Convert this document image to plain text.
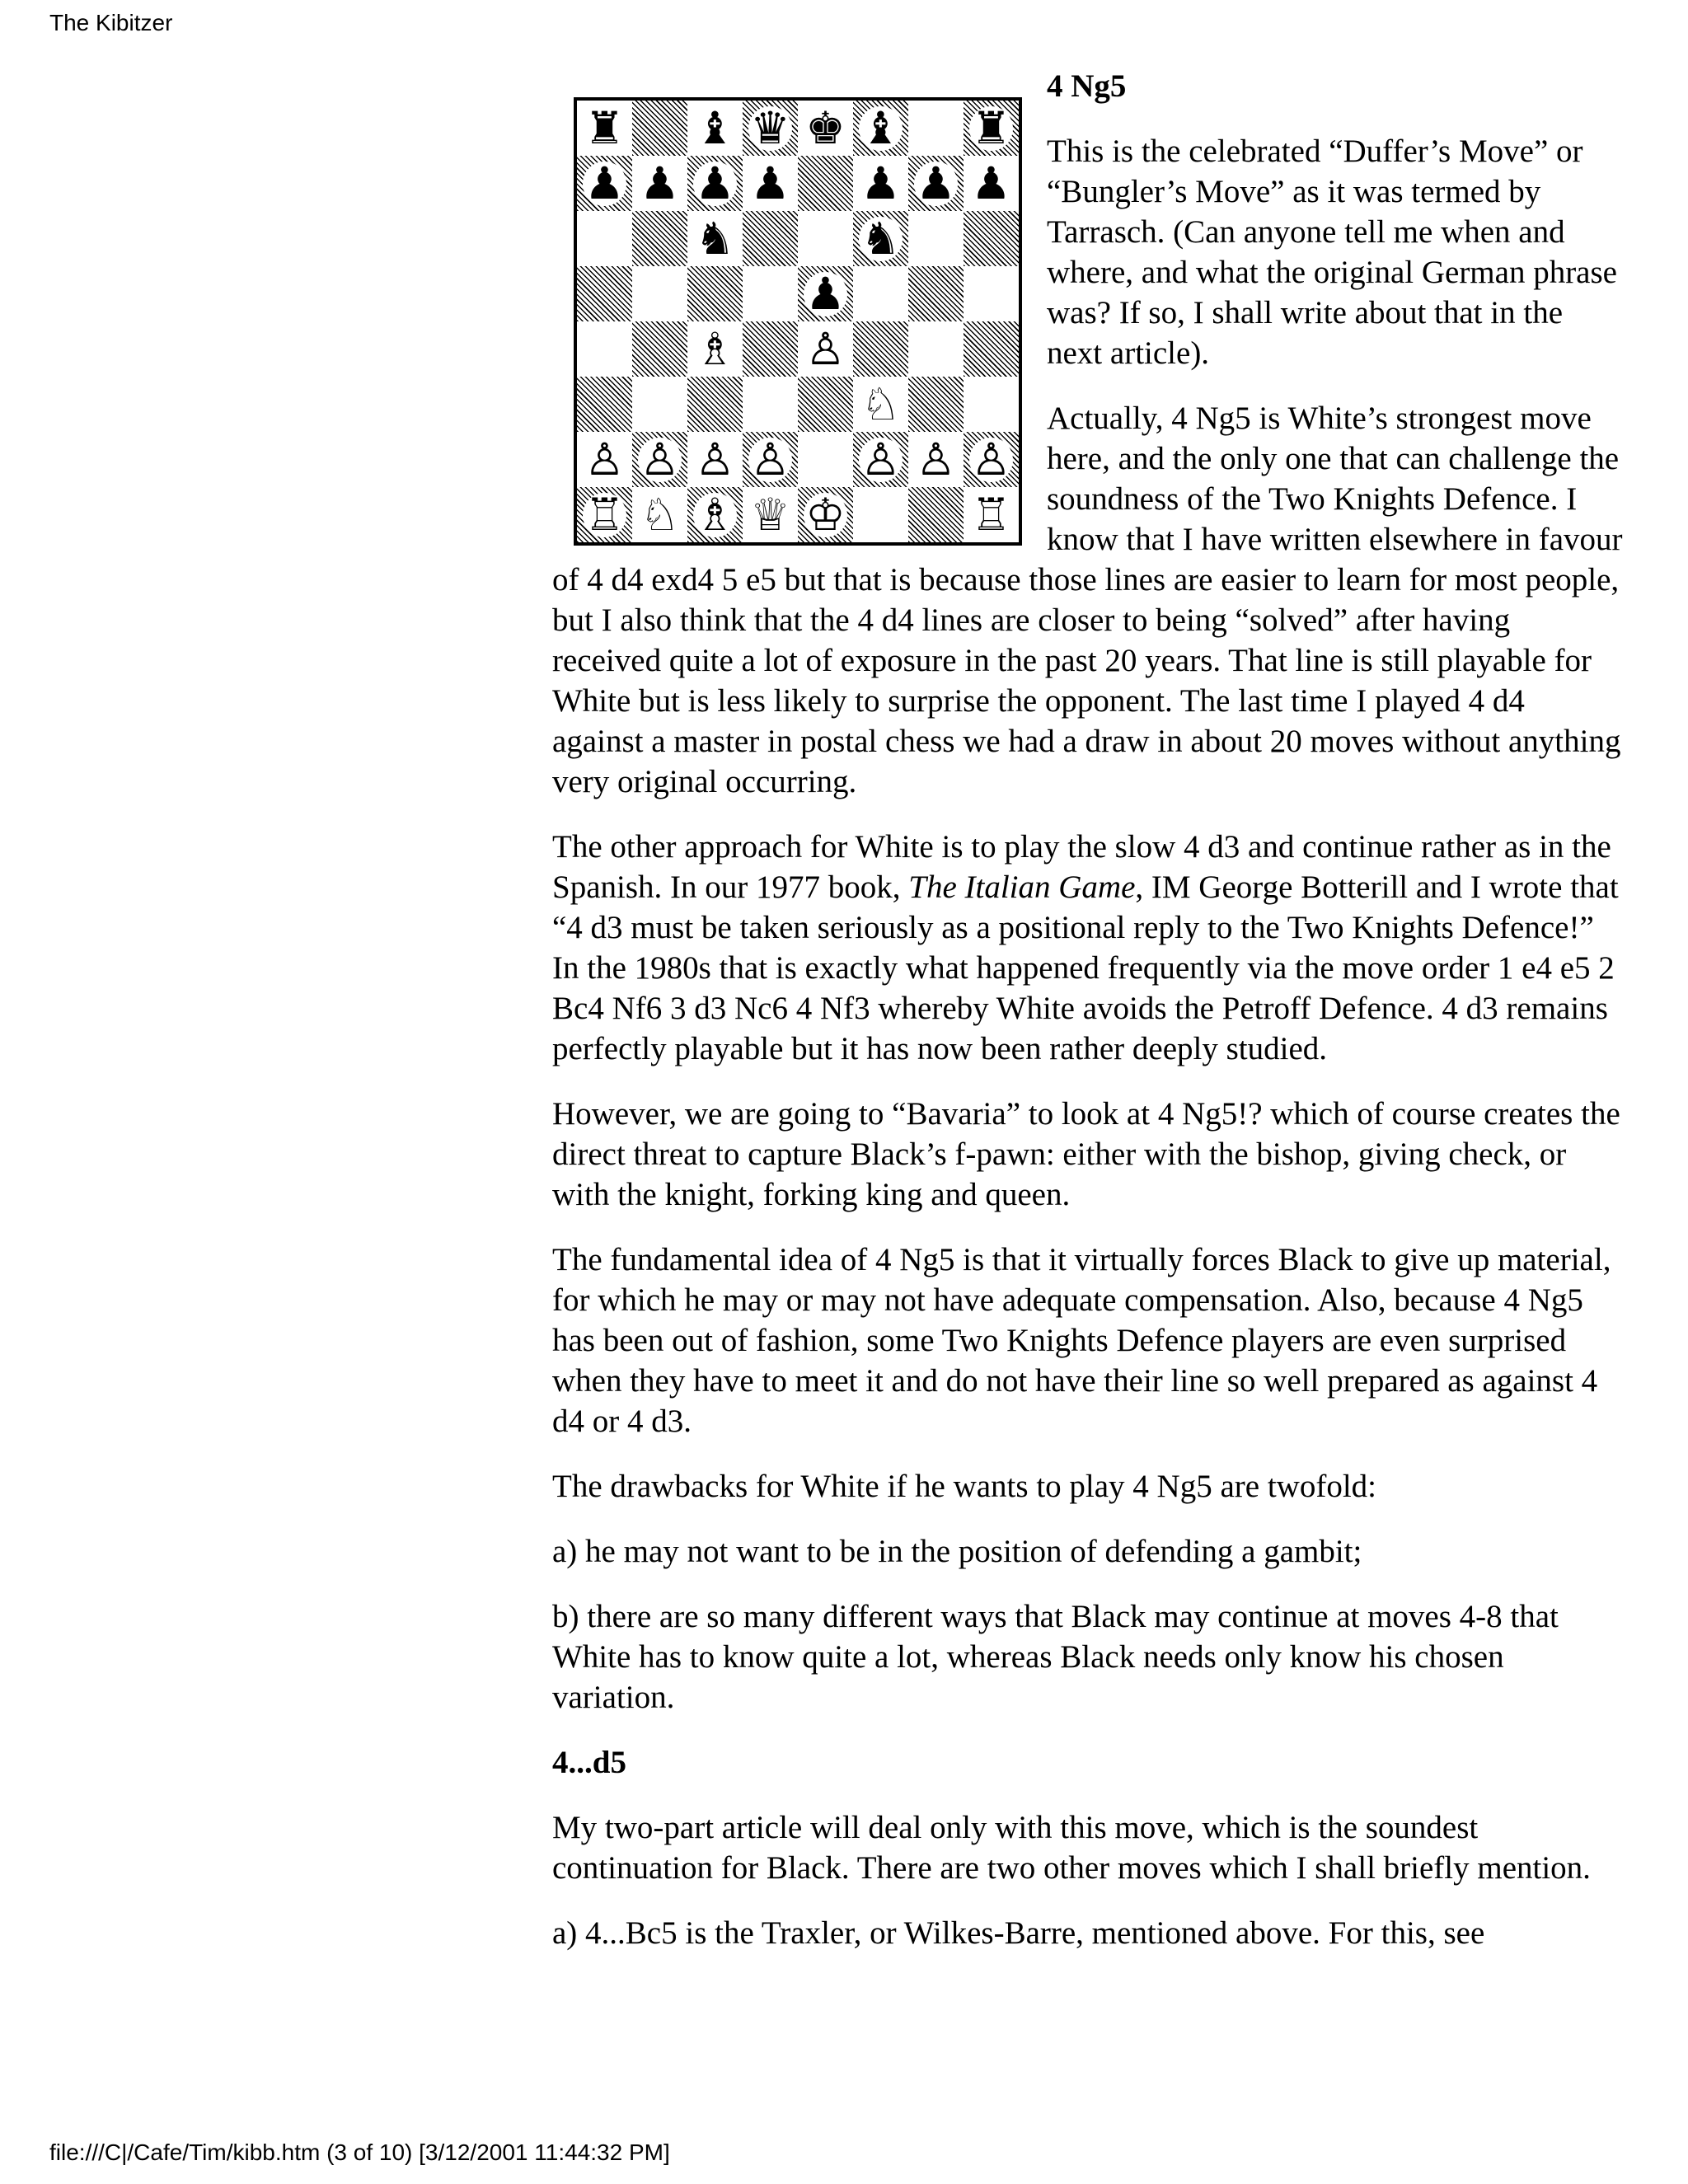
The Kibitzer
♜ ♝ ♛ ♚ ♝ ♜
♟ ♟ ♟ ♟ ♟ ♟ ♟
♞	♞
♟
♗ ♙
♘
♙ ♙ ♙ ♙ ♙ ♙ ♙
♖ ♘ ♗ ♕ ♔	♖
4 Ng5

This is the celebrated “Duffer’s Move” or “Bungler’s Move” as it was termed by Tarrasch. (Can anyone tell me when and where, and what the original German phrase was? If so, I shall write about that in the next article).

Actually, 4 Ng5 is White’s strongest move here, and the only one that can challenge the soundness of the Two Knights Defence. I know that I have written elsewhere in favour of 4 d4 exd4 5 e5 but that is because those lines are easier to learn for most people, but I also think that the 4 d4 lines are closer to being “solved” after having received quite a lot of exposure in the past 20 years. That line is still playable for White but is less likely to surprise the opponent. The last time I played 4 d4 against a master in postal chess we had a draw in about 20 moves without anything very original occurring.

The other approach for White is to play the slow 4 d3 and continue rather as in the Spanish. In our 1977 book, The Italian Game, IM George Botterill and I wrote that “4 d3 must be taken seriously as a positional reply to the Two Knights Defence!” In the 1980s that is exactly what happened frequently via the move order 1 e4 e5 2 Bc4 Nf6 3 d3 Nc6 4 Nf3 whereby White avoids the Petroff Defence. 4 d3 remains perfectly playable but it has now been rather deeply studied.

However, we are going to “Bavaria” to look at 4 Ng5!? which of course creates the direct threat to capture Black’s f-pawn: either with the bishop, giving check, or with the knight, forking king and queen.

The fundamental idea of 4 Ng5 is that it virtually forces Black to give up material, for which he may or may not have adequate compensation. Also, because 4 Ng5 has been out of fashion, some Two Knights Defence players are even surprised when they have to meet it and do not have their line so well prepared as against 4 d4 or 4 d3.

The drawbacks for White if he wants to play 4 Ng5 are twofold:

a) he may not want to be in the position of defending a gambit;

b) there are so many different ways that Black may continue at moves 4-8 that White has to know quite a lot, whereas Black needs only know his chosen variation.

4...d5

My two-part article will deal only with this move, which is the soundest continuation for Black. There are two other moves which I shall briefly mention.

a) 4...Bc5 is the Traxler, or Wilkes-Barre, mentioned above. For this, see

file:///C|/Cafe/Tim/kibb.htm (3 of 10) [3/12/2001 11:44:32 PM]
